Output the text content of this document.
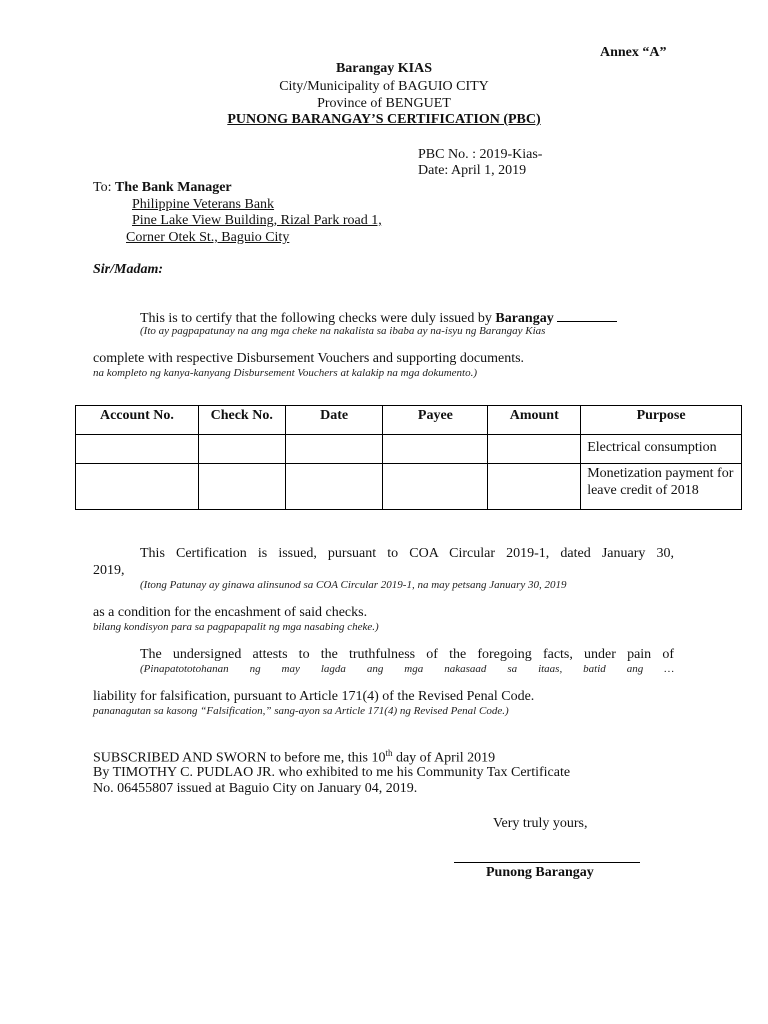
Annex “A”
Barangay KIAS
City/Municipality of BAGUIO CITY
Province of BENGUET
PUNONG BARANGAY’S CERTIFICATION (PBC)
PBC No. : 2019-Kias-
Date: April 1, 2019
To: The Bank Manager
Philippine Veterans Bank
Pine Lake View Building, Rizal Park road 1,
Corner Otek St., Baguio City
Sir/Madam:
This is to certify that the following checks were duly issued by Barangay
(Ito ay pagpapatunay na ang mga cheke na nakalista sa ibaba ay na-isyu ng Barangay Kias
complete with respective Disbursement Vouchers and supporting documents.
na kompleto ng kanya-kanyang Disbursement Vouchers at kalakip na mga dokumento.)
Account No.	Check No.	Date	Payee	Amount	Purpose
					Electrical consumption
					Monetization payment for leave credit of 2018
This Certification is issued, pursuant to COA Circular 2019-1, dated January 30,
2019,
(Itong Patunay ay ginawa alinsunod sa COA Circular 2019-1, na may petsang January 30, 2019
as a condition for the encashment of said checks.
bilang kondisyon para sa pagpapapalit ng mga nasabing cheke.)
The undersigned attests to the truthfulness of the foregoing facts, under pain of
(Pinapatototohanan ng may lagda ang mga nakasaad sa itaas, batid ang …
liability for falsification, pursuant to Article 171(4) of the Revised Penal Code.
pananagutan sa kasong “Falsification,” sang-ayon sa Article 171(4) ng Revised Penal Code.)
SUBSCRIBED AND SWORN to before me, this 10th day of April 2019
By TIMOTHY C. PUDLAO JR. who exhibited to me his Community Tax Certificate
No. 06455807 issued at Baguio City on January 04, 2019.
Very truly yours,
Punong Barangay
